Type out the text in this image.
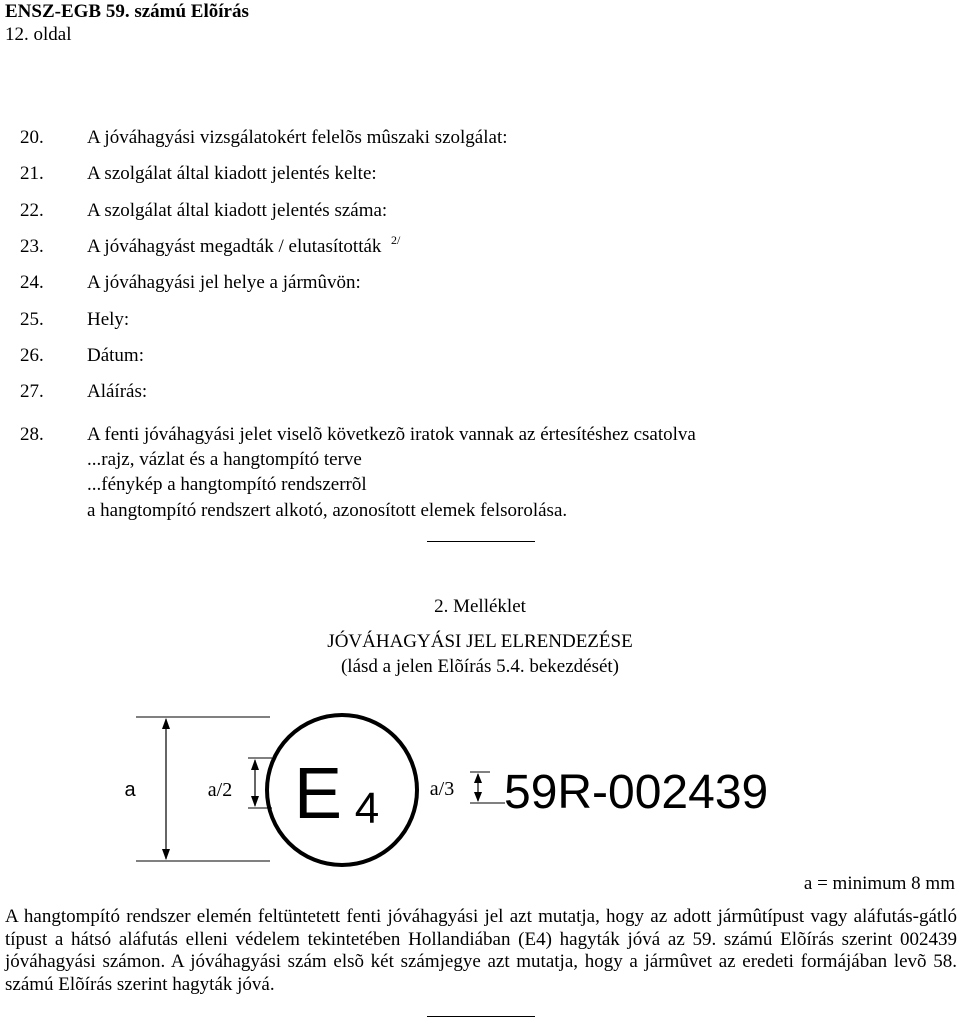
ENSZ-EGB 59. számú Elõírás
12. oldal
20. A jóváhagyási vizsgálatokért felelõs mûszaki szolgálat:
21. A szolgálat által kiadott jelentés kelte:
22. A szolgálat által kiadott jelentés száma:
23. A jóváhagyást megadták / elutasították $^{2/}$
24. A jóváhagyási jel helye a jármûvön:
25. Hely:
26. Dátum:
27. Aláírás:
28. A fenti jóváhagyási jelet viselõ következõ iratok vannak az értesítéshez csatolva
...rajz, vázlat és a hangtompító terve
...fénykép a hangtompító rendszerrõl
a hangtompító rendszert alkotó, azonosított elemek felsorolása.
2. Melléklet
JÓVÁHAGYÁSI JEL ELRENDEZÉSE
(lásd a jelen Elõírás 5.4. bekezdését)
a	a/2 E 4	a/3 59R-002439
a = minimum 8 mm

A hangtompító rendszer elemén feltüntetett fenti jóváhagyási jel azt mutatja, hogy az adott jármûtípust vagy aláfutás-gátló típust a hátsó aláfutás elleni védelem tekintetében Hollandiában (E4) hagyták jóvá az 59. számú Elõírás szerint 002439 jóváhagyási számon. A jóváhagyási szám elsõ két számjegye azt mutatja, hogy a jármûvet az eredeti formájában levõ 58. számú Elõírás szerint hagyták jóvá.
